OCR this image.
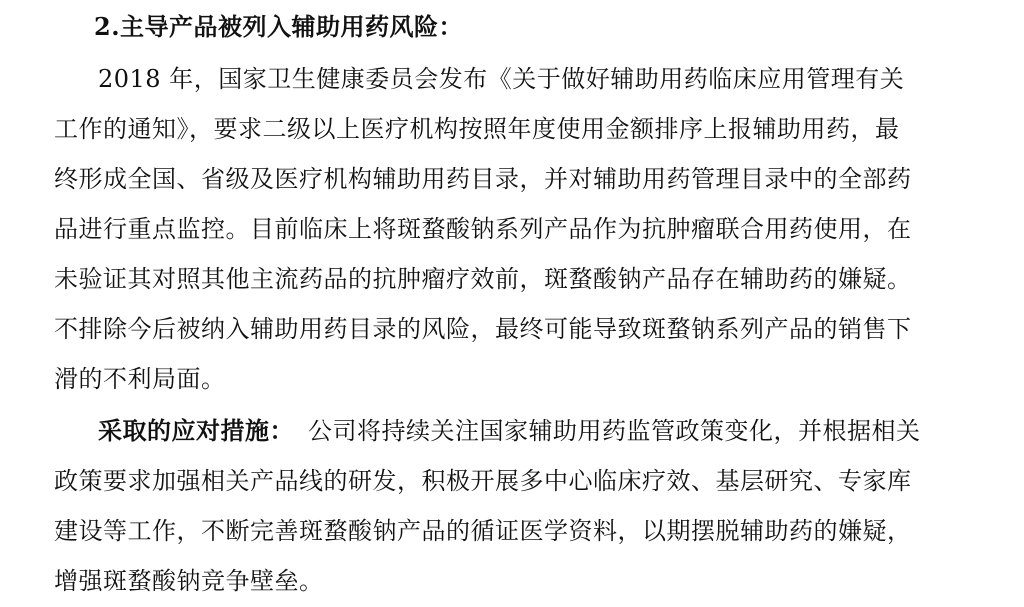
2.主导产品被列入辅助用药风险：
2018 年，国家卫生健康委员会发布《关于做好辅助用药临床应用管理有关
工作的通知》，要求二级以上医疗机构按照年度使用金额排序上报辅助用药，最
终形成全国、省级及医疗机构辅助用药目录，并对辅助用药管理目录中的全部药
品进行重点监控。目前临床上将斑蝥酸钠系列产品作为抗肿瘤联合用药使用，在
未验证其对照其他主流药品的抗肿瘤疗效前，斑蝥酸钠产品存在辅助药的嫌疑。
不排除今后被纳入辅助用药目录的风险，最终可能导致斑蝥钠系列产品的销售下
滑的不利局面。
采取的应对措施： 公司将持续关注国家辅助用药监管政策变化，并根据相关
政策要求加强相关产品线的研发，积极开展多中心临床疗效、基层研究、专家库
建设等工作，不断完善斑蝥酸钠产品的循证医学资料，以期摆脱辅助药的嫌疑，
增强斑蝥酸钠竞争壁垒。
